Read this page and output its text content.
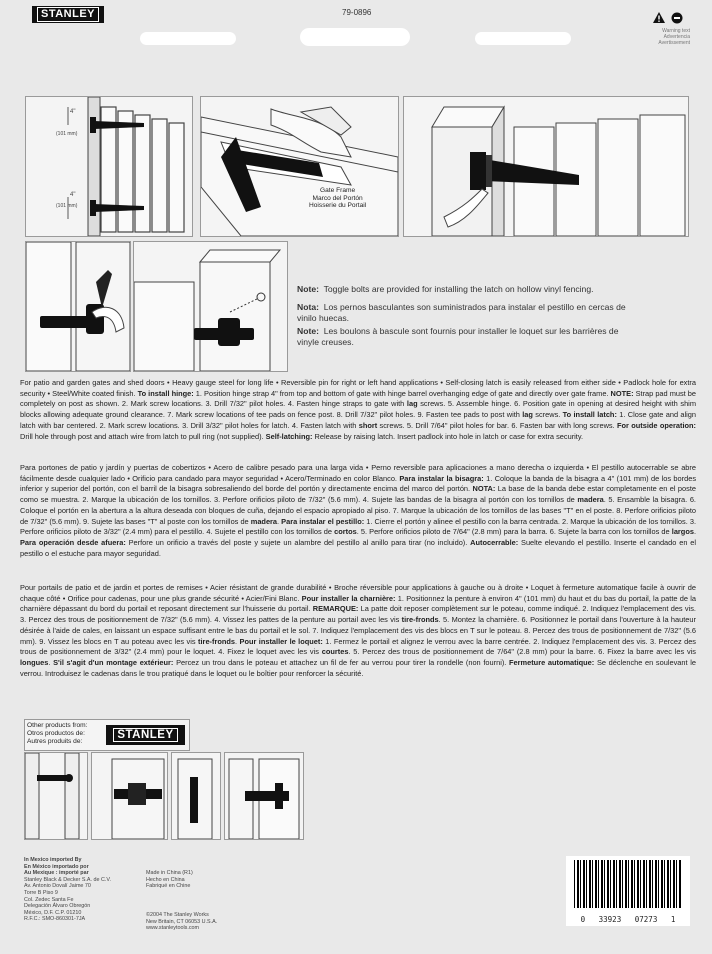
STANLEY	79-0896
Warning text
Advertencia
Avertissement
4"
(101 mm)
4"
(101 mm)
Gate Frame
Marco del Portón
Hoisserie du Portail
Note: Toggle bolts are provided for installing the latch on hollow vinyl fencing.
Nota: Los pernos basculantes son suministrados para instalar el pestillo en cercas de vinilo huecas.
Note: Les boulons à bascule sont fournis pour installer le loquet sur les barrières de vinyle creuses.
For patio and garden gates and shed doors • Heavy gauge steel for long life • Reversible pin for right or left hand applications • Self-closing latch is easily released from either side • Padlock hole for extra security • Steel/White coated finish. To install hinge: 1. Position hinge strap 4" from top and bottom of gate with hinge barrel overhanging edge of gate and directly over gate frame. NOTE: Strap pad must be completely on post as shown. 2. Mark screw locations. 3. Drill 7/32" pilot holes. 4. Fasten hinge straps to gate with lag screws. 5. Assemble hinge. 6. Position gate in opening at desired height with shim blocks allowing adequate ground clearance. 7. Mark screw locations of tee pads on fence post. 8. Drill 7/32" pilot holes. 9. Fasten tee pads to post with lag screws. To install latch: 1. Close gate and align latch with bar centered. 2. Mark screw locations. 3. Drill 3/32" pilot holes for latch. 4. Fasten latch with short screws. 5. Drill 7/64" pilot holes for bar. 6. Fasten bar with long screws. For outside operation: Drill hole through post and attach wire from latch to pull ring (not supplied). Self-latching: Release by raising latch. Insert padlock into hole in latch or case for extra security.
Para portones de patio y jardín y puertas de cobertizos • Acero de calibre pesado para una larga vida • Perno reversible para aplicaciones a mano derecha o izquierda • El pestillo autocerrable se abre fácilmente desde cualquier lado • Orificio para candado para mayor seguridad • Acero/Terminado en color Blanco. Para instalar la bisagra: 1. Coloque la banda de la bisagra a 4" (101 mm) de los bordes inferior y superior del portón, con el barril de la bisagra sobresaliendo del borde del portón y directamente encima del marco del portón. NOTA: La base de la banda debe estar completamente en el poste como se muestra. 2. Marque la ubicación de los tornillos. 3. Perfore orificios piloto de 7/32" (5.6 mm). 4. Sujete las bandas de la bisagra al portón con los tornillos de madera. 5. Ensamble la bisagra. 6. Coloque el portón en la abertura a la altura deseada con bloques de cuña, dejando el espacio apropiado al piso. 7. Marque la ubicación de los tornillos de las bases "T" en el poste. 8. Perfore orificios piloto de 7/32" (5.6 mm). 9. Sujete las bases "T" al poste con los tornillos de madera. Para instalar el pestillo: 1. Cierre el portón y alinee el pestillo con la barra centrada. 2. Marque la ubicación de los tornillos. 3. Perfore orificios piloto de 3/32" (2.4 mm) para el pestillo. 4. Sujete el pestillo con los tornillos de cortos. 5. Perfore orificios piloto de 7/64" (2.8 mm) para la barra. 6. Sujete la barra con los tornillos de largos. Para operación desde afuera: Perfore un orificio a través del poste y sujete un alambre del pestillo al anillo para tirar (no incluido). Autocerrable: Suelte elevando el pestillo. Inserte el candado en el pestillo o el estuche para mayor seguridad.
Pour portails de patio et de jardin et portes de remises • Acier résistant de grande durabilité • Broche réversible pour applications à gauche ou à droite • Loquet à fermeture automatique facile à ouvrir de chaque côté • Orifice pour cadenas, pour une plus grande sécurité • Acier/Fini Blanc. Pour installer la charnière: 1. Positionnez la penture à environ 4" (101 mm) du haut et du bas du portail, la patte de la charnière dépassant du bord du portail et reposant directement sur l'huisserie du portail. REMARQUE: La patte doit reposer complètement sur le poteau, comme indiqué. 2. Indiquez l'emplacement des vis. 3. Percez des trous de positionnement de 7/32" (5.6 mm). 4. Vissez les pattes de la penture au portail avec les vis tire-fronds. 5. Montez la charnière. 6. Positionnez le portail dans l'ouverture à la hauteur désirée à l'aide de cales, en laissant un espace suffisant entre le bas du portail et le sol. 7. Indiquez l'emplacement des vis des blocs en T sur le poteau. 8. Percez des trous de positionnement de 7/32" (5.6 mm). 9. Vissez les blocs en T au poteau avec les vis tire-fronds. Pour installer le loquet: 1. Fermez le portail et alignez le verrou avec la barre centrée. 2. Indiquez l'emplacement des vis. 3. Percez des trous de positionnement de 3/32" (2.4 mm) pour le loquet. 4. Fixez le loquet avec les vis courtes. 5. Percez des trous de positionnement de 7/64" (2.8 mm) pour la barre. 6. Fixez la barre avec les vis longues. S'il s'agit d'un montage extérieur: Percez un trou dans le poteau et attachez un fil de fer au verrou pour tirer la rondelle (non fourni). Fermeture automatique: Se déclenche en soulevant le verrou. Introduisez le cadenas dans le trou pratiqué dans le loquet ou le boîtier pour renforcer la sécurité.
Other products from:
Otros productos de:
Autres produits de:
STANLEY
In Mexico imported By
En México importado por
Au Mexique : importé par
Stanley Black & Decker S.A. de C.V.
Av. Antonio Dovalí Jaime 70
Torre B Piso 9
Col. Zedec Santa Fe
Delegación Álvaro Obregón
México, D.F. C.P. 01210
R.F.C.: SMO-860301-7JA
Made in China (R1)
Hecho en China
Fabriqué en Chine
©2004 The Stanley Works
New Britain, CT 06053 U.S.A.
www.stanleytools.com
0   33923   07273   1
